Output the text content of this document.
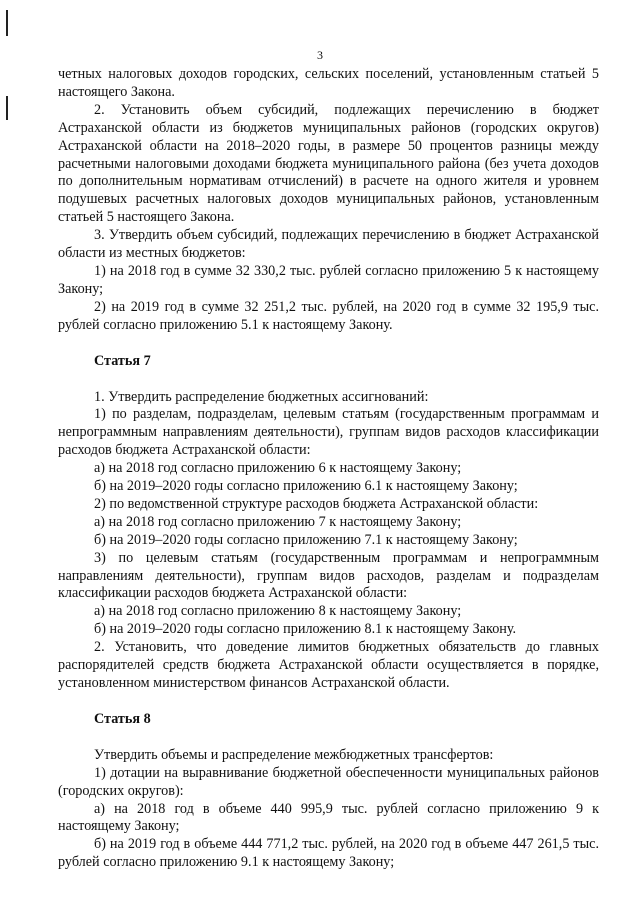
3

четных налоговых доходов городских, сельских поселений, установленным статьей 5 настоящего Закона.

2. Установить объем субсидий, подлежащих перечислению в бюджет Астраханской области из бюджетов муниципальных районов (городских округов) Астраханской области на 2018–2020 годы, в размере 50 процентов разницы между расчетными налоговыми доходами бюджета муниципального района (без учета доходов по дополнительным нормативам отчислений) в расчете на одного жителя и уровнем подушевых расчетных налоговых доходов муниципальных районов, установленным статьей 5 настоящего Закона.

3. Утвердить объем субсидий, подлежащих перечислению в бюджет Астраханской области из местных бюджетов:

1) на 2018 год в сумме 32 330,2 тыс. рублей согласно приложению 5 к настоящему Закону;

2) на 2019 год в сумме 32 251,2 тыс. рублей, на 2020 год в сумме 32 195,9 тыс. рублей согласно приложению 5.1 к настоящему Закону.

Статья 7

1. Утвердить распределение бюджетных ассигнований:

1) по разделам, подразделам, целевым статьям (государственным программам и непрограммным направлениям деятельности), группам видов расходов классификации расходов бюджета Астраханской области:

а) на 2018 год согласно приложению 6 к настоящему Закону;

б) на 2019–2020 годы согласно приложению 6.1 к настоящему Закону;

2) по ведомственной структуре расходов бюджета Астраханской области:

а) на 2018 год согласно приложению 7 к настоящему Закону;

б) на 2019–2020 годы согласно приложению 7.1 к настоящему Закону;

3) по целевым статьям (государственным программам и непрограммным направлениям деятельности), группам видов расходов, разделам и подразделам классификации расходов бюджета Астраханской области:

а) на 2018 год согласно приложению 8 к настоящему Закону;

б) на 2019–2020 годы согласно приложению 8.1 к настоящему Закону.

2. Установить, что доведение лимитов бюджетных обязательств до главных распорядителей средств бюджета Астраханской области осуществляется в порядке, установленном министерством финансов Астраханской области.

Статья 8

Утвердить объемы и распределение межбюджетных трансфертов:

1) дотации на выравнивание бюджетной обеспеченности муниципальных районов (городских округов):

а) на 2018 год в объеме 440 995,9 тыс. рублей согласно приложению 9 к настоящему Закону;

б) на 2019 год в объеме 444 771,2 тыс. рублей, на 2020 год в объеме 447 261,5 тыс. рублей согласно приложению 9.1 к настоящему Закону;
